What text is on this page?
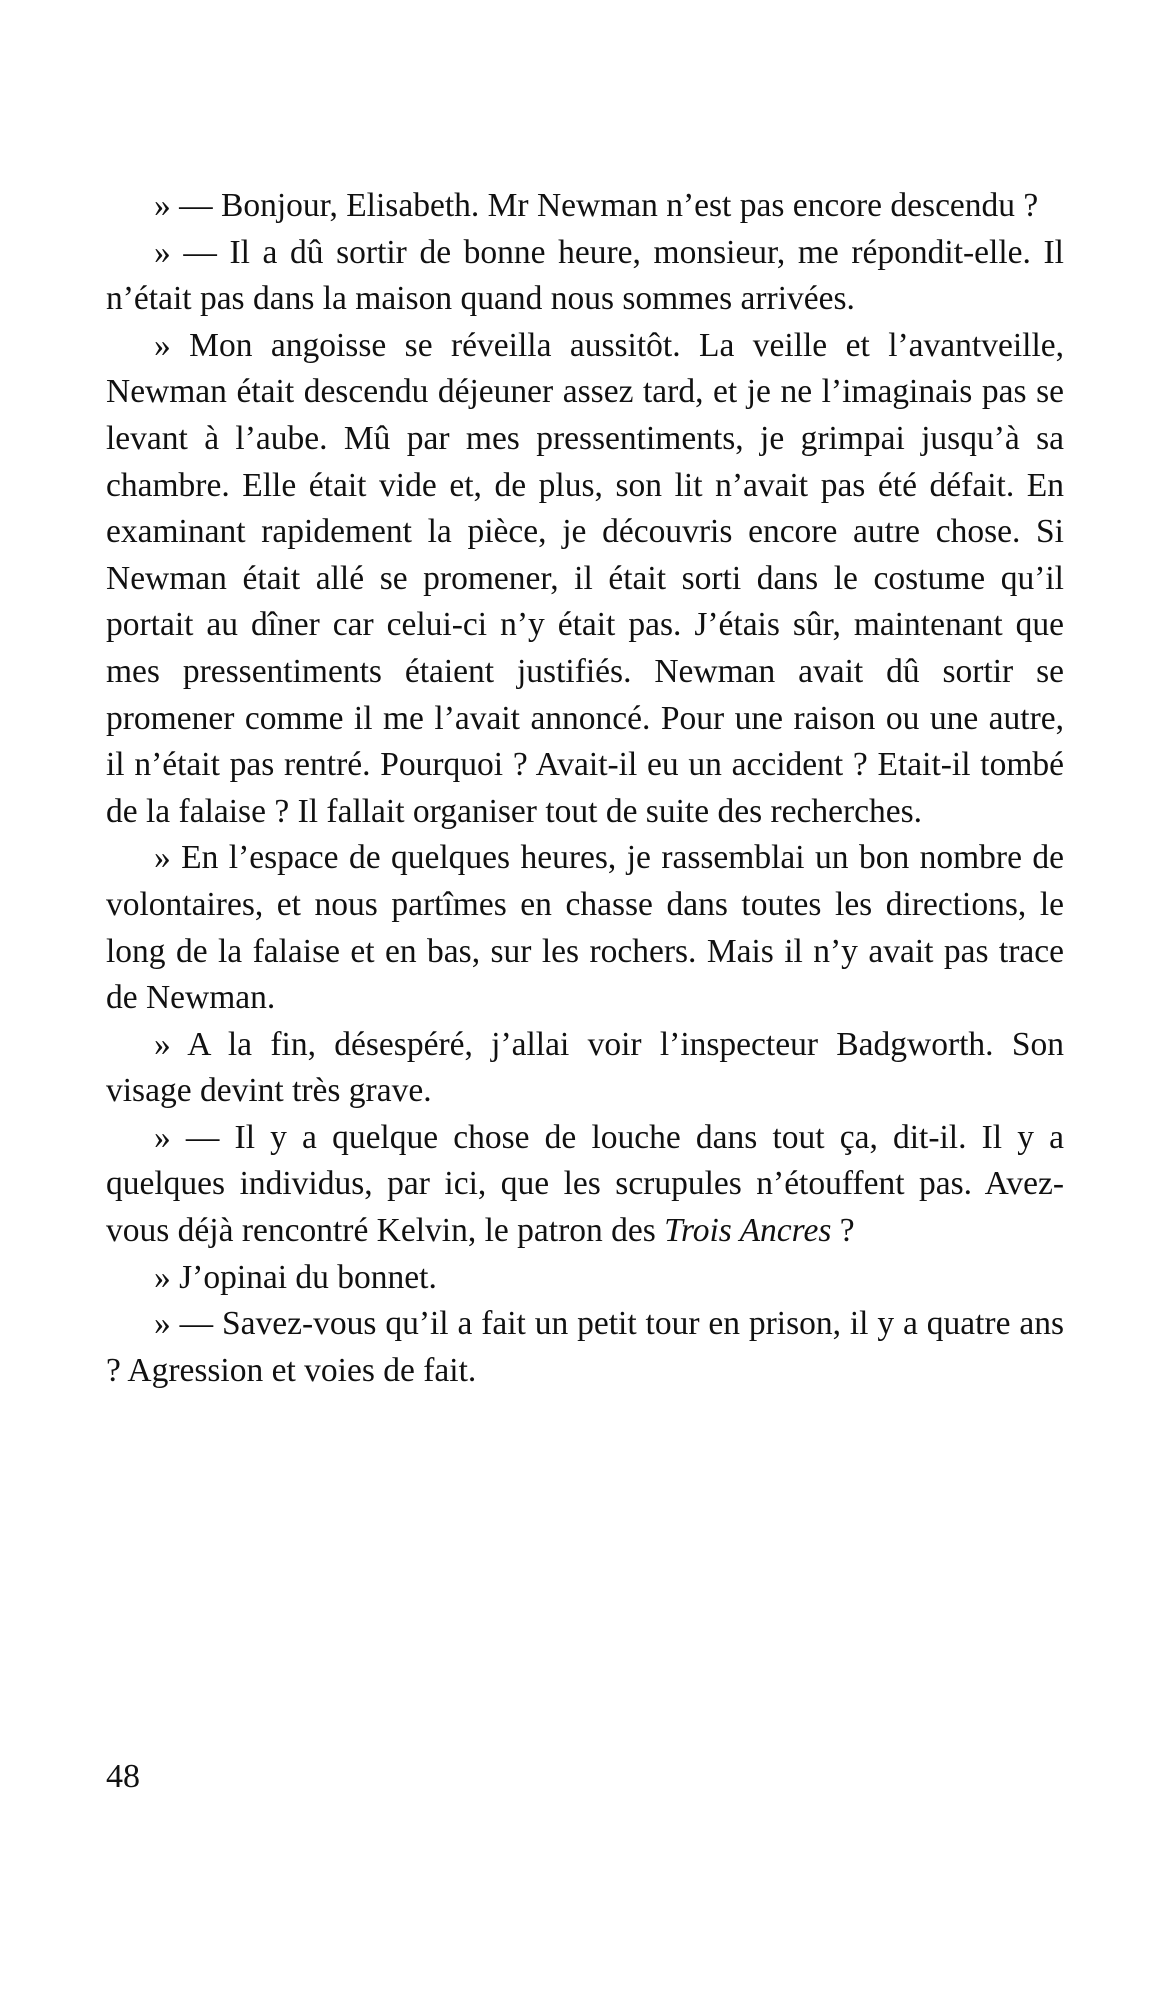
» — Bonjour, Elisabeth. Mr Newman n’est pas encore descendu ?

» — Il a dû sortir de bonne heure, monsieur, me répondit-elle. Il n’était pas dans la maison quand nous sommes arrivées.

» Mon angoisse se réveilla aussitôt. La veille et l’avantveille, Newman était descendu déjeuner assez tard, et je ne l’imaginais pas se levant à l’aube. Mû par mes pressentiments, je grimpai jusqu’à sa chambre. Elle était vide et, de plus, son lit n’avait pas été défait. En examinant rapidement la pièce, je découvris encore autre chose. Si Newman était allé se promener, il était sorti dans le costume qu’il portait au dîner car celui-ci n’y était pas. J’étais sûr, maintenant que mes pressentiments étaient justifiés. Newman avait dû sortir se promener comme il me l’avait annoncé. Pour une raison ou une autre, il n’était pas rentré. Pourquoi ? Avait-il eu un accident ? Etait-il tombé de la falaise ? Il fallait organiser tout de suite des recherches.

» En l’espace de quelques heures, je rassemblai un bon nombre de volontaires, et nous partîmes en chasse dans toutes les directions, le long de la falaise et en bas, sur les rochers. Mais il n’y avait pas trace de Newman.

» A la fin, désespéré, j’allai voir l’inspecteur Badgworth. Son visage devint très grave.

» — Il y a quelque chose de louche dans tout ça, dit-il. Il y a quelques individus, par ici, que les scrupules n’étouffent pas. Avez-vous déjà rencontré Kelvin, le patron des Trois Ancres ?

» J’opinai du bonnet.

» — Savez-vous qu’il a fait un petit tour en prison, il y a quatre ans ? Agression et voies de fait.

48
